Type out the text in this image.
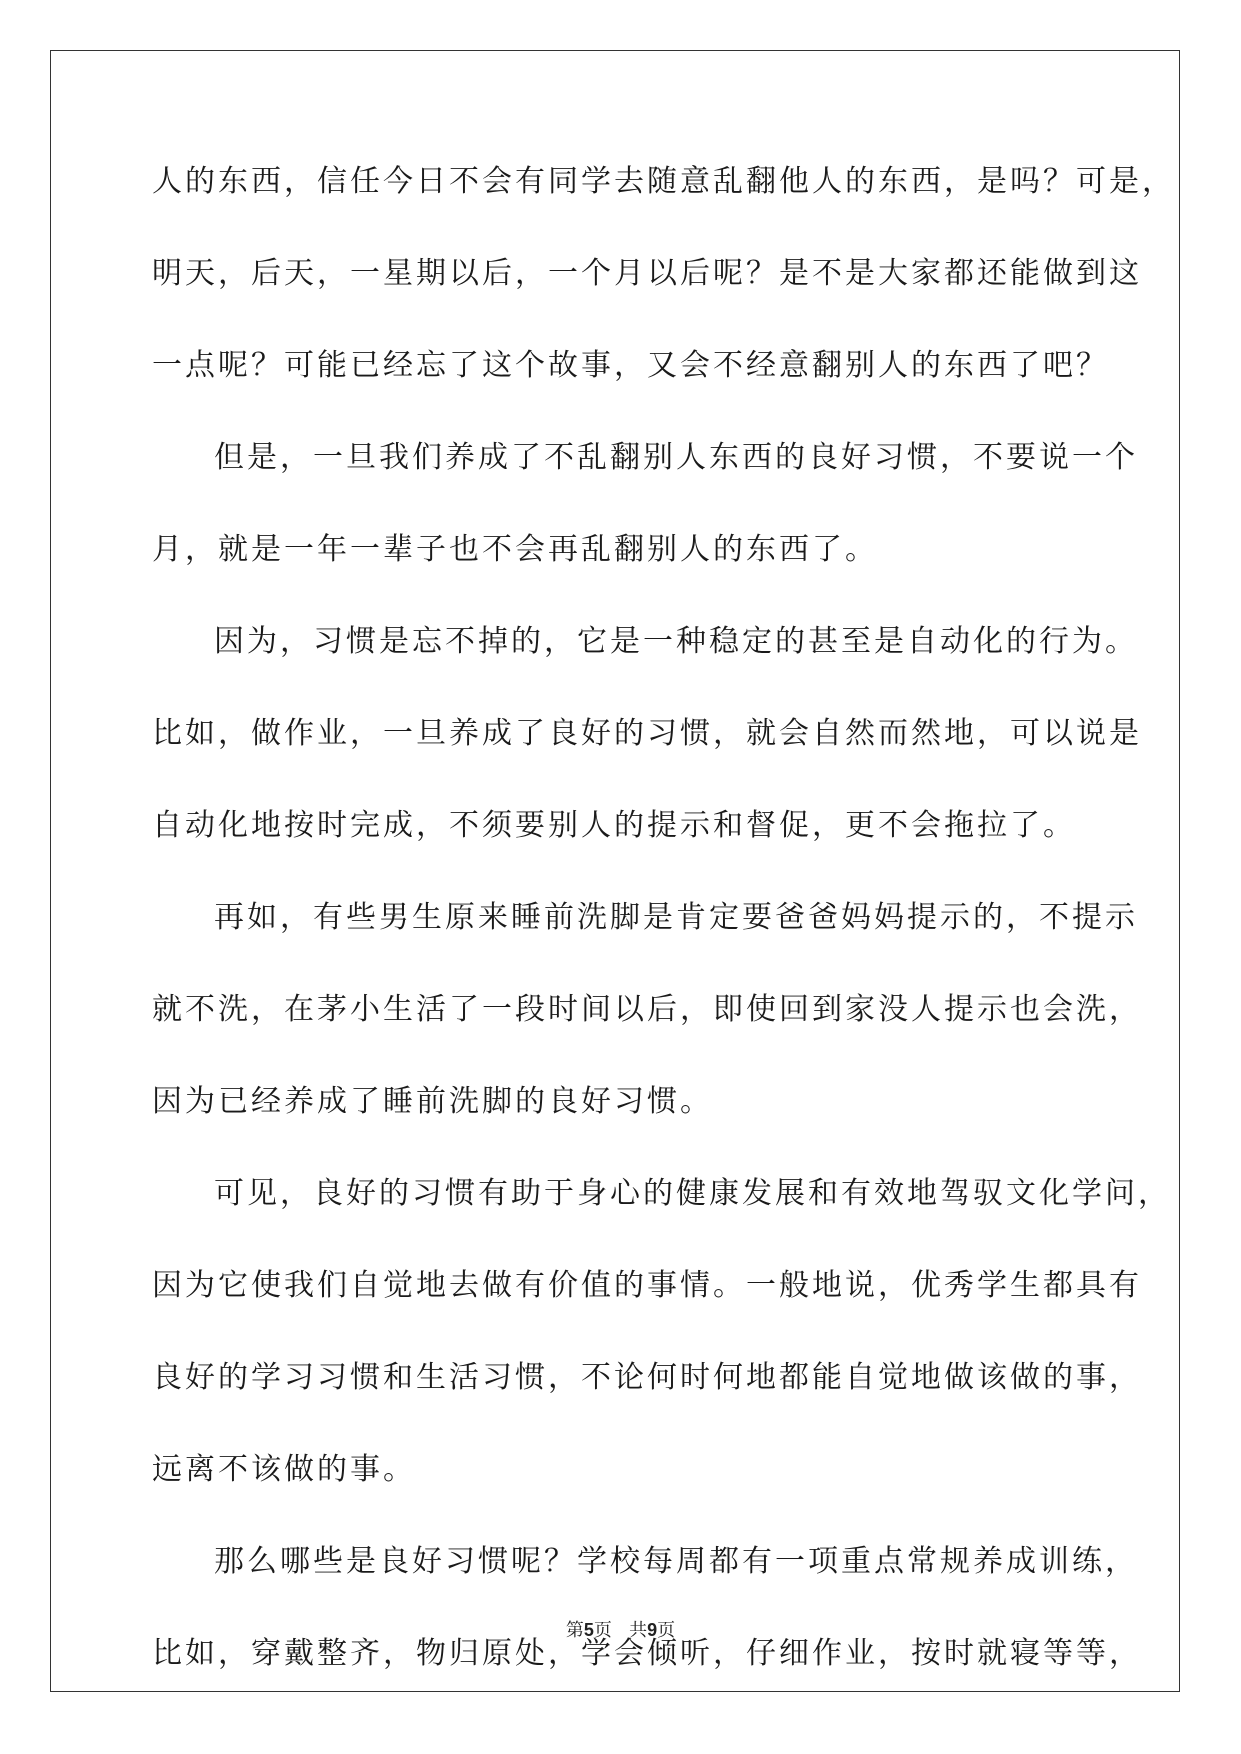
人的东西，信任今日不会有同学去随意乱翻他人的东西，是吗？可是，
明天，后天，一星期以后，一个月以后呢？是不是大家都还能做到这
一点呢？可能已经忘了这个故事，又会不经意翻别人的东西了吧？
但是，一旦我们养成了不乱翻别人东西的良好习惯，不要说一个
月，就是一年一辈子也不会再乱翻别人的东西了。
因为，习惯是忘不掉的，它是一种稳定的甚至是自动化的行为。
比如，做作业，一旦养成了良好的习惯，就会自然而然地，可以说是
自动化地按时完成，不须要别人的提示和督促，更不会拖拉了。
再如，有些男生原来睡前洗脚是肯定要爸爸妈妈提示的，不提示
就不洗，在茅小生活了一段时间以后，即使回到家没人提示也会洗，
因为已经养成了睡前洗脚的良好习惯。
可见，良好的习惯有助于身心的健康发展和有效地驾驭文化学问，
因为它使我们自觉地去做有价值的事情。一般地说，优秀学生都具有
良好的学习习惯和生活习惯，不论何时何地都能自觉地做该做的事，
远离不该做的事。
那么哪些是良好习惯呢？学校每周都有一项重点常规养成训练，
比如，穿戴整齐，物归原处，学会倾听，仔细作业，按时就寝等等，
第5页 共9页
